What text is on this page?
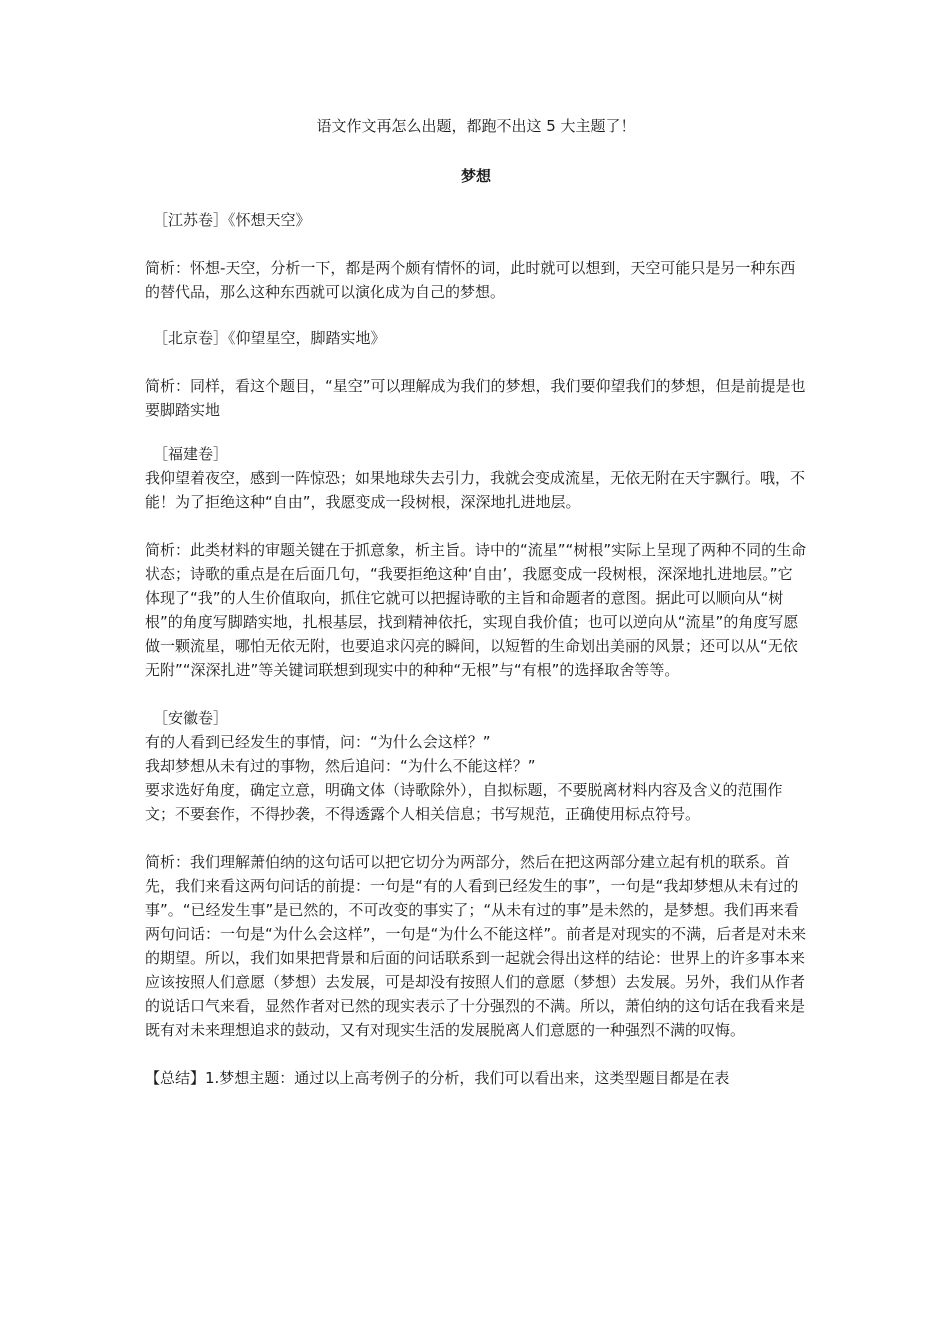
语文作文再怎么出题，都跑不出这 5 大主题了！

梦想

［江苏卷］《怀想天空》

简析：怀想-天空，分析一下，都是两个颇有情怀的词，此时就可以想到，天空可能只是另一种东西的替代品，那么这种东西就可以演化成为自己的梦想。

［北京卷］《仰望星空，脚踏实地》

简析：同样，看这个题目，“星空”可以理解成为我们的梦想，我们要仰望我们的梦想，但是前提是也要脚踏实地

［福建卷］

我仰望着夜空，感到一阵惊恐；如果地球失去引力，我就会变成流星，无依无附在天宇飘行。哦，不能！为了拒绝这种“自由”，我愿变成一段树根，深深地扎进地层。

简析：此类材料的审题关键在于抓意象，析主旨。诗中的“流星”“树根”实际上呈现了两种不同的生命状态；诗歌的重点是在后面几句，“我要拒绝这种‘自由’，我愿变成一段树根，深深地扎进地层。”它体现了“我”的人生价值取向，抓住它就可以把握诗歌的主旨和命题者的意图。据此可以顺向从“树根”的角度写脚踏实地，扎根基层，找到精神依托，实现自我价值；也可以逆向从“流星”的角度写愿做一颗流星，哪怕无依无附，也要追求闪亮的瞬间，以短暂的生命划出美丽的风景；还可以从“无依无附”“深深扎进”等关键词联想到现实中的种种“无根”与“有根”的选择取舍等等。

［安徽卷］

有的人看到已经发生的事情，问：“为什么会这样？”

我却梦想从未有过的事物，然后追问：“为什么不能这样？”

要求选好角度，确定立意，明确文体（诗歌除外），自拟标题，不要脱离材料内容及含义的范围作文；不要套作，不得抄袭，不得透露个人相关信息；书写规范，正确使用标点符号。

简析：我们理解萧伯纳的这句话可以把它切分为两部分，然后在把这两部分建立起有机的联系。首先，我们来看这两句问话的前提：一句是“有的人看到已经发生的事”，一句是“我却梦想从未有过的事”。“已经发生事”是已然的，不可改变的事实了；“从未有过的事”是未然的，是梦想。我们再来看两句问话：一句是“为什么会这样”，一句是“为什么不能这样”。前者是对现实的不满，后者是对未来的期望。所以，我们如果把背景和后面的问话联系到一起就会得出这样的结论：世界上的许多事本来应该按照人们意愿（梦想）去发展，可是却没有按照人们的意愿（梦想）去发展。另外，我们从作者的说话口气来看，显然作者对已然的现实表示了十分强烈的不满。所以，萧伯纳的这句话在我看来是既有对未来理想追求的鼓动，又有对现实生活的发展脱离人们意愿的一种强烈不满的叹悔。

【总结】1.梦想主题：通过以上高考例子的分析，我们可以看出来，这类型题目都是在表
